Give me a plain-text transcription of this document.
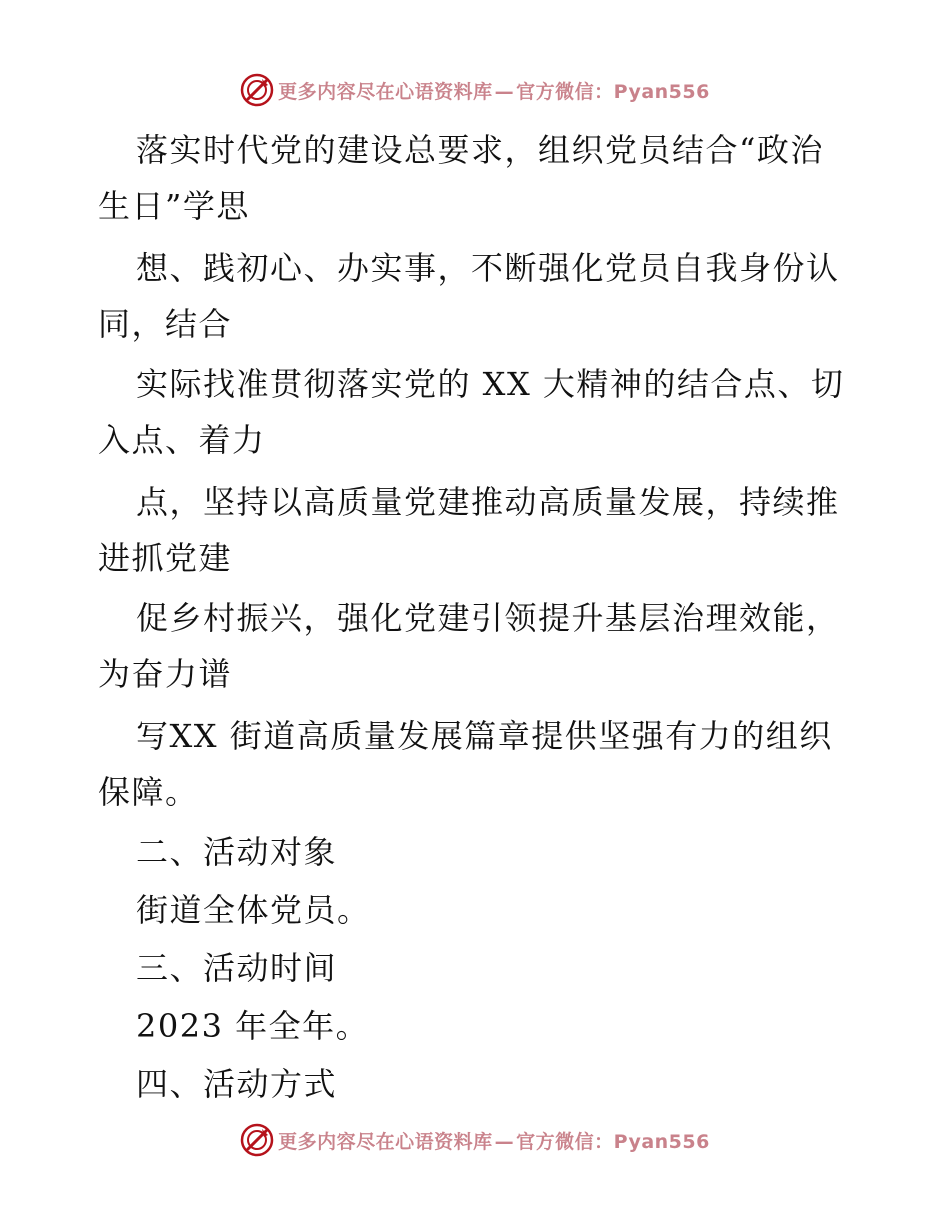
更多内容尽在心语资料库 — 官方微信：Pyan556
落实时代党的建设总要求，组织党员结合“政治
生日”学思
想、践初心、办实事，不断强化党员自我身份认
同，结合
实际找准贯彻落实党的 XX 大精神的结合点、切
入点、着力
点，坚持以高质量党建推动高质量发展，持续推
进抓党建
促乡村振兴，强化党建引领提升基层治理效能，
为奋力谱
写XX 街道高质量发展篇章提供坚强有力的组织
保障。
二、活动对象
街道全体党员。
三、活动时间
2023 年全年。
四、活动方式
更多内容尽在心语资料库 — 官方微信：Pyan556
